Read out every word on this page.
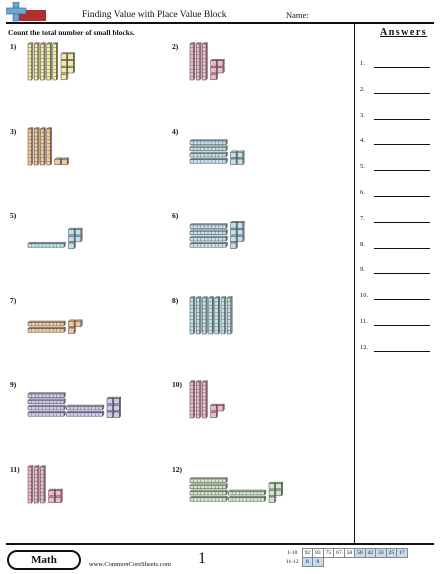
Finding Value with Place Value Block	Name:
Count the total number of small blocks.	Answers
1.
2.
3.
4.
5.
6.
7.
8.
9.
10.
11.
12.
1)	2)
3)	4)
5)	6)
7)	8)
9)	10)
11)	12)
Math	www.CommonCoreSheets.com 1	1-10	92	83	75	67	58	50	42	33	25	17
11-12	8	0								
